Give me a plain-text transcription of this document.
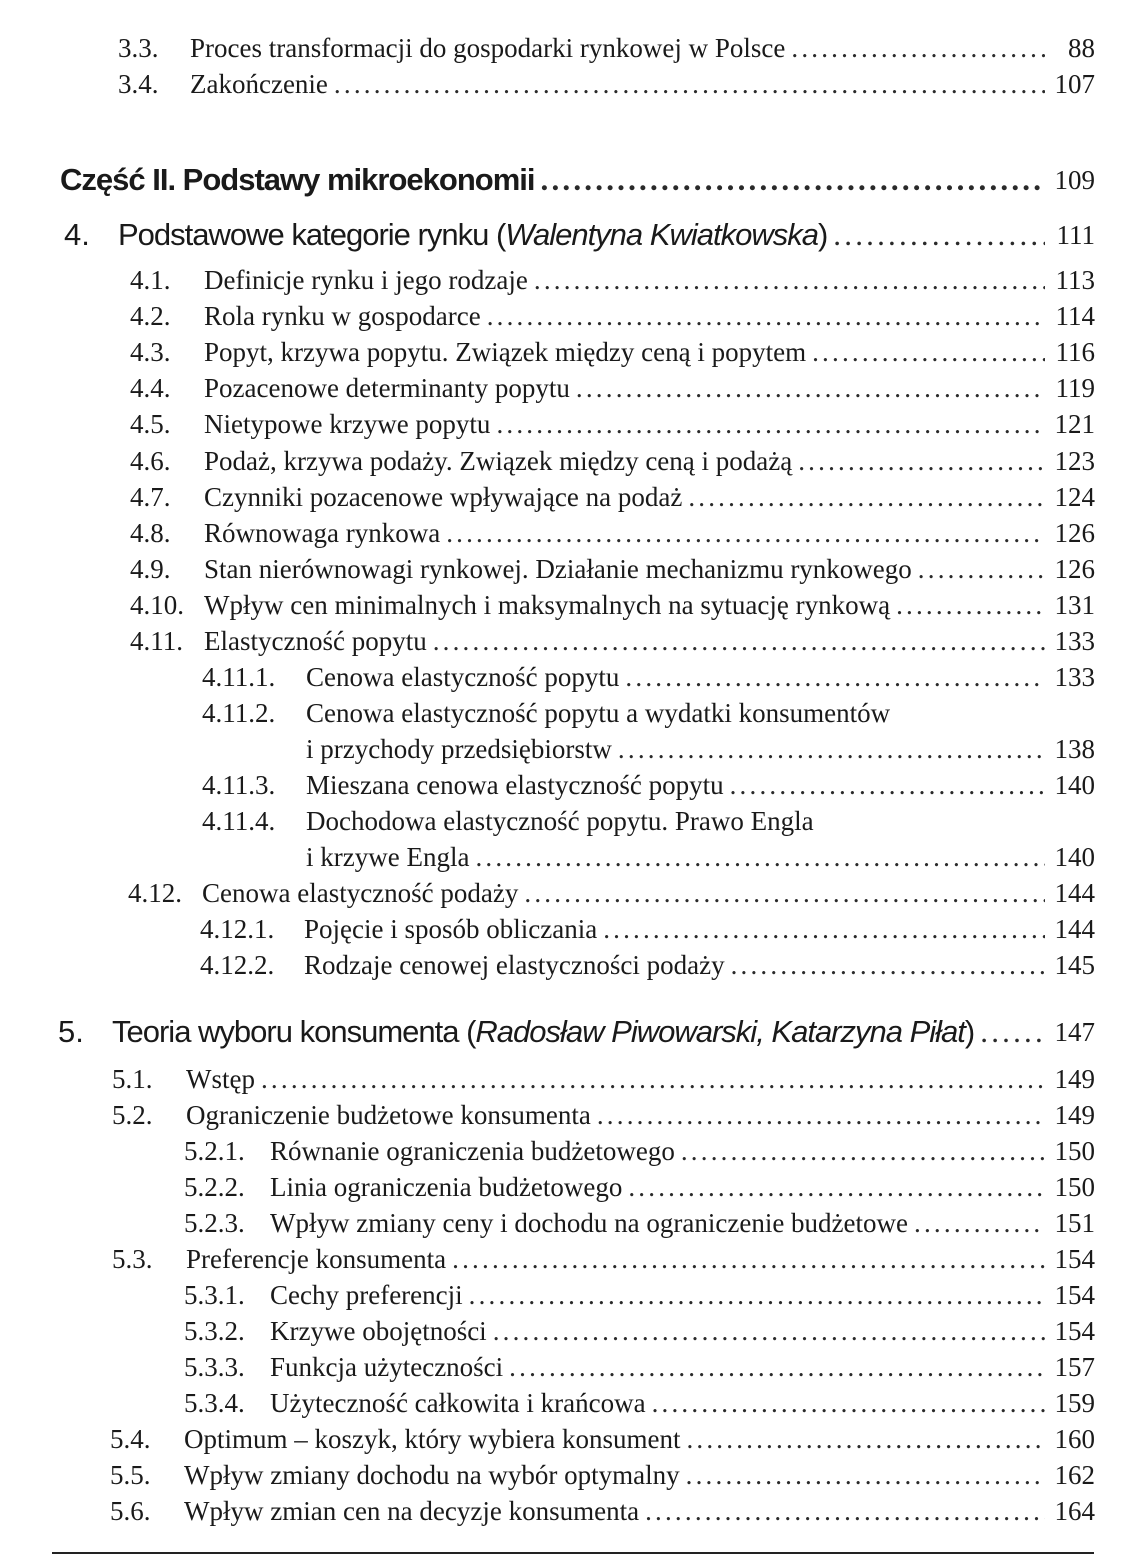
3.3. Proces transformacji do gospodarki rynkowej w Polsce .....	88
3.4. Zakończenie .....	107
Część II. Podstawy mikroekonomii .....	109
4. Podstawowe kategorie rynku (Walentyna Kwiatkowska) .....	111
4.1. Definicje rynku i jego rodzaje .....	113
4.2. Rola rynku w gospodarce .....	114
4.3. Popyt, krzywa popytu. Związek między ceną i popytem .....	116
4.4. Pozacenowe determinanty popytu .....	119
4.5. Nietypowe krzywe popytu .....	121
4.6. Podaż, krzywa podaży. Związek między ceną i podażą .....	123
4.7. Czynniki pozacenowe wpływające na podaż .....	124
4.8. Równowaga rynkowa .....	126
4.9. Stan nierównowagi rynkowej. Działanie mechanizmu rynkowego .....	126
4.10. Wpływ cen minimalnych i maksymalnych na sytuację rynkową .....	131
4.11. Elastyczność popytu .....	133
4.11.1. Cenowa elastyczność popytu .....	133
4.11.2. Cenowa elastyczność popytu a wydatki konsumentów
i przychody przedsiębiorstw .....	138
4.11.3. Mieszana cenowa elastyczność popytu .....	140
4.11.4. Dochodowa elastyczność popytu. Prawo Engla
i krzywe Engla .....	140
4.12. Cenowa elastyczność podaży .....	144
4.12.1. Pojęcie i sposób obliczania .....	144
4.12.2. Rodzaje cenowej elastyczności podaży .....	145
5. Teoria wyboru konsumenta (Radosław Piwowarski, Katarzyna Piłat) .....	147
5.1. Wstęp .....	149
5.2. Ograniczenie budżetowe konsumenta .....	149
5.2.1. Równanie ograniczenia budżetowego .....	150
5.2.2. Linia ograniczenia budżetowego .....	150
5.2.3. Wpływ zmiany ceny i dochodu na ograniczenie budżetowe .....	151
5.3. Preferencje konsumenta .....	154
5.3.1. Cechy preferencji .....	154
5.3.2. Krzywe obojętności .....	154
5.3.3. Funkcja użyteczności .....	157
5.3.4. Użyteczność całkowita i krańcowa .....	159
5.4. Optimum – koszyk, który wybiera konsument .....	160
5.5. Wpływ zmiany dochodu na wybór optymalny .....	162
5.6. Wpływ zmian cen na decyzje konsumenta .....	164
